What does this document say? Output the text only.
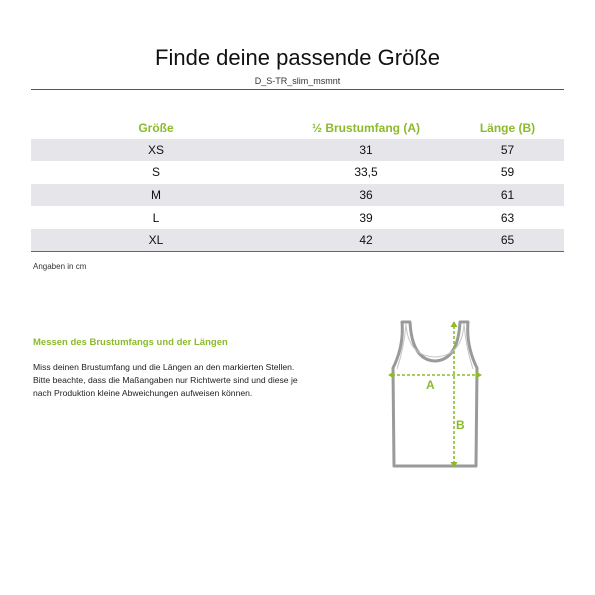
Finde deine passende Größe
D_S-TR_slim_msmnt
Größe	½ Brustumfang (A)	Länge (B)
XS	31	57
S	33,5	59
M	36	61
L	39	63
XL	42	65
Angaben in cm
Messen des Brustumfangs und der Längen

Miss deinen Brustumfang und die Längen an den markierten Stellen.

Bitte beachte, dass die Maßangaben nur Richtwerte sind und diese je nach Produktion kleine Abweichungen aufweisen können.

A
B
